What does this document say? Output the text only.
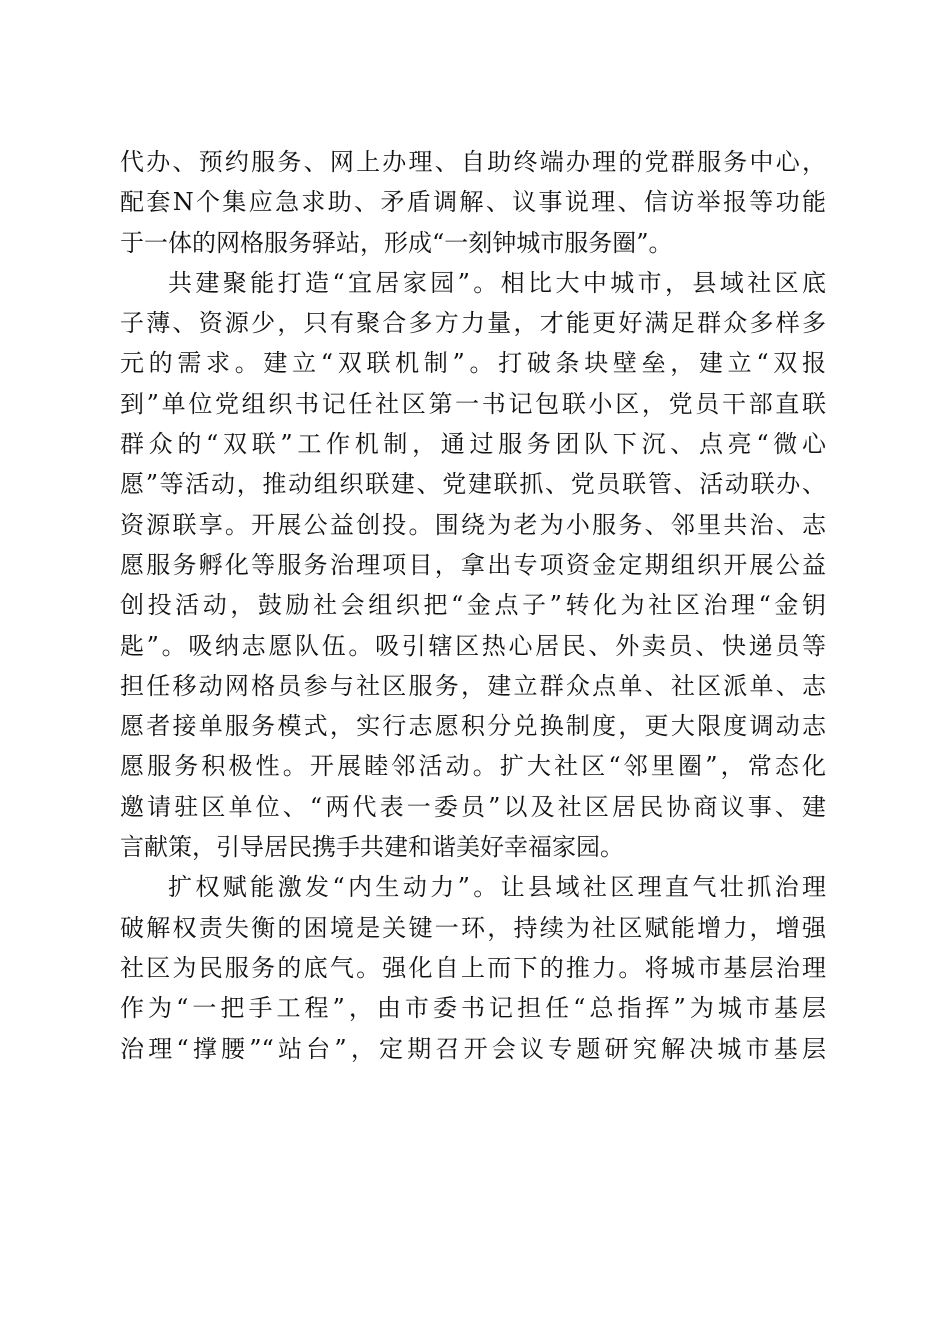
代办、预约服务、网上办理、自助终端办理的党群服务中心，
配套N个集应急求助、矛盾调解、议事说理、信访举报等功能
于一体的网格服务驿站，形成“一刻钟城市服务圈”。
共建聚能打造“宜居家园”。相比大中城市，县域社区底
子薄、资源少，只有聚合多方力量，才能更好满足群众多样多
元的需求。建立“双联机制”。打破条块壁垒，建立“双报
到”单位党组织书记任社区第一书记包联小区，党员干部直联
群众的“双联”工作机制，通过服务团队下沉、点亮“微心
愿”等活动，推动组织联建、党建联抓、党员联管、活动联办、
资源联享。开展公益创投。围绕为老为小服务、邻里共治、志
愿服务孵化等服务治理项目，拿出专项资金定期组织开展公益
创投活动，鼓励社会组织把“金点子”转化为社区治理“金钥
匙”。吸纳志愿队伍。吸引辖区热心居民、外卖员、快递员等
担任移动网格员参与社区服务，建立群众点单、社区派单、志
愿者接单服务模式，实行志愿积分兑换制度，更大限度调动志
愿服务积极性。开展睦邻活动。扩大社区“邻里圈”，常态化
邀请驻区单位、“两代表一委员”以及社区居民协商议事、建
言献策，引导居民携手共建和谐美好幸福家园。
扩权赋能激发“内生动力”。让县域社区理直气壮抓治理
破解权责失衡的困境是关键一环，持续为社区赋能增力，增强
社区为民服务的底气。强化自上而下的推力。将城市基层治理
作为“一把手工程”，由市委书记担任“总指挥”为城市基层
治理“撑腰”“站台”，定期召开会议专题研究解决城市基层
